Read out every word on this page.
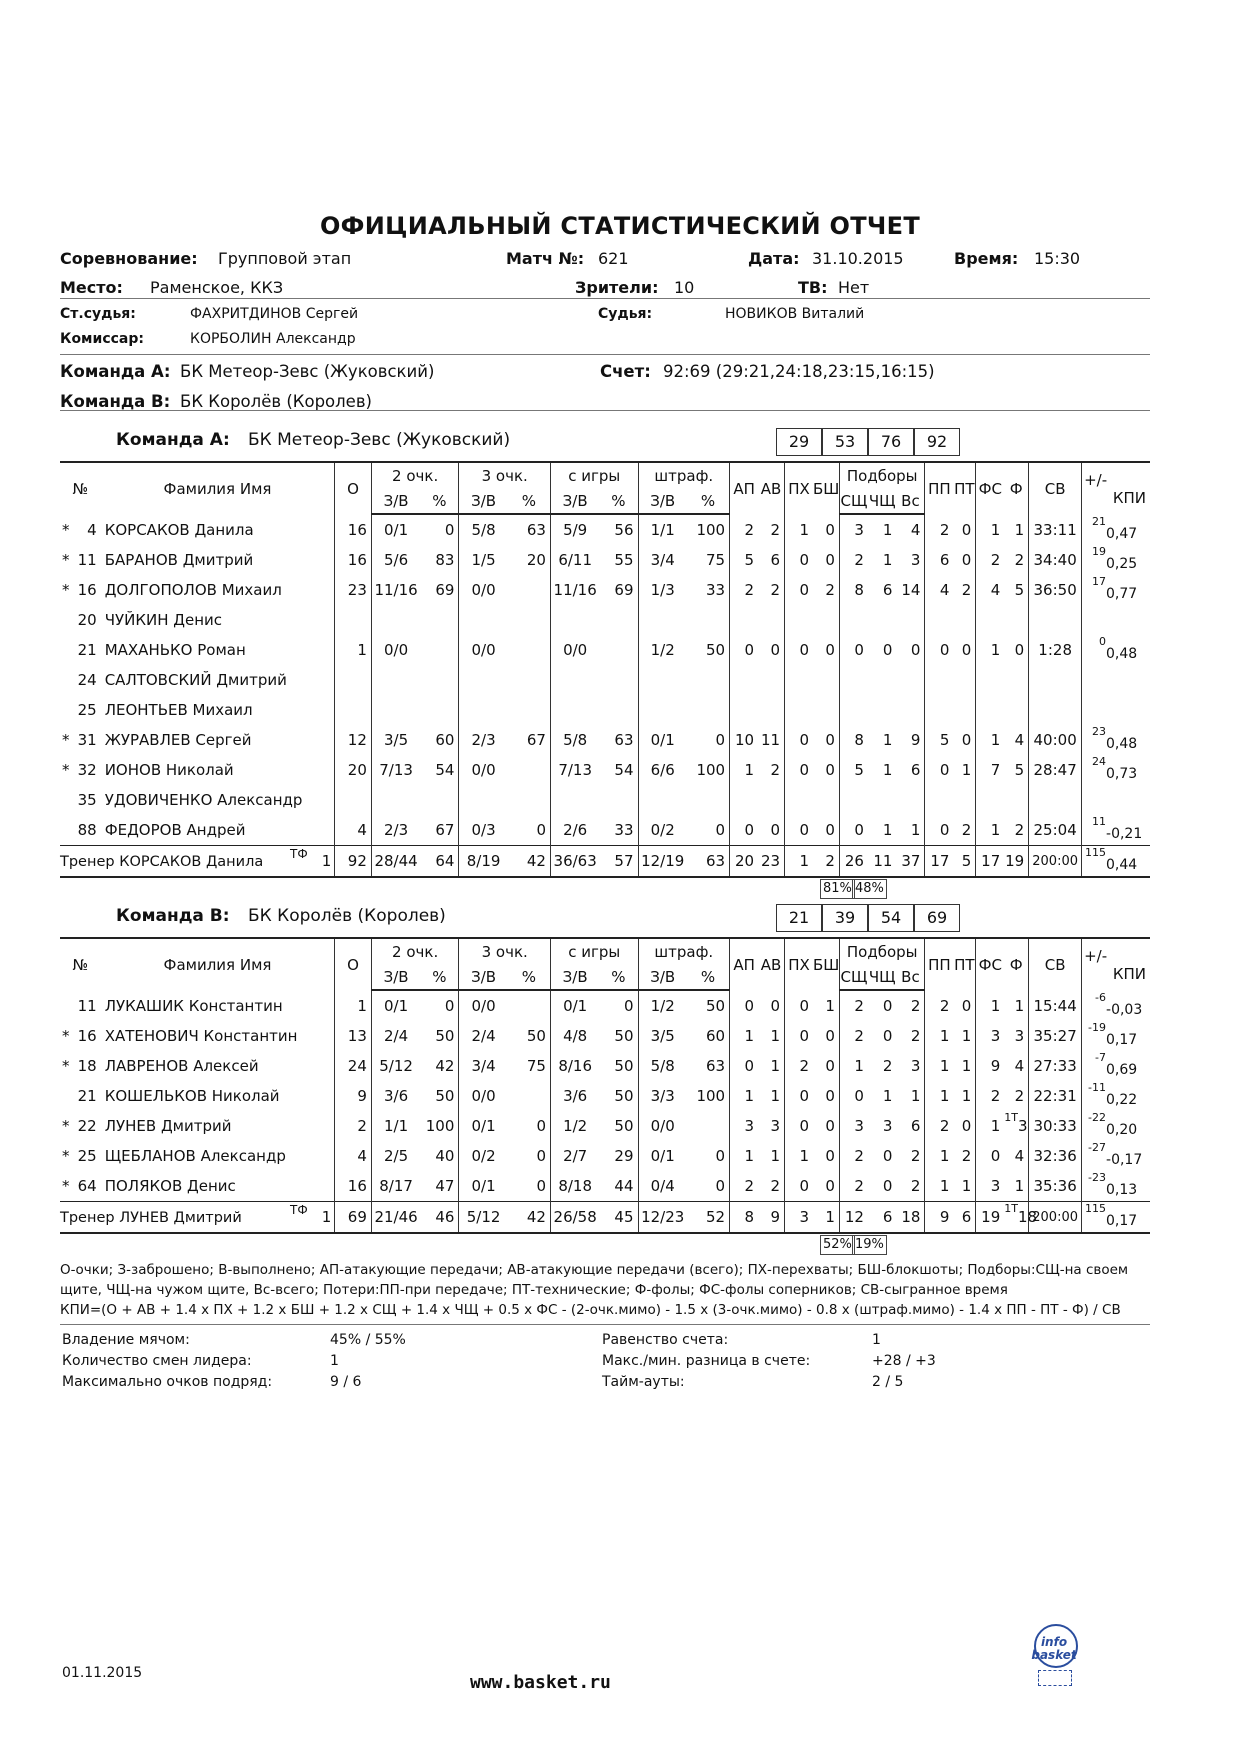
ОФИЦИАЛЬНЫЙ СТАТИСТИЧЕСКИЙ ОТЧЕТ
Соревнование: Групповой этап	Матч №: 621	Дата: 31.10.2015	Время: 15:30
Место: Раменское, ККЗ	Зрители: 10	ТВ: Нет
Ст.судья:	ФАХРИТДИНОВ Сергей	Судья:	НОВИКОВ Виталий
Комиссар:	КОРБОЛИН Александр
Команда А: БК Метеор-Зевс (Жуковский)	Счет: 92:69 (29:21,24:18,23:15,16:15)
Команда В: БК Королёв (Королев)
Команда А: БК Метеор-Зевс (Жуковский)	29	53	76	92
№	Фамилия Имя	О	2 очк.		3 очк.		с игры		штраф.		АП	АВ	ПХ	БШ	Подборы			ПП	ПТ	ФС	Ф	СВ	+/-
КПИ	

			З/В	%	З/В	%	З/В	%	З/В	%					СЩ	ЧЩ	Вс							
* 4	КОРСАКОВ Данила	16	0/1	0	5/8	63	5/9	56	1/1	100	2	2	1	0	3	1	4	2	0	1	1	33:11	$^{21}$	0,47
* 11	БАРАНОВ Дмитрий	16	5/6	83	1/5	20	6/11	55	3/4	75	5	6	0	0	2	1	3	6	0	2	2	34:40	$^{19}$	0,25
* 16	ДОЛГОПОЛОВ Михаил	23	11/16	69	0/0		11/16	69	1/3	33	2	2	0	2	8	6	14	4	2	4	5	36:50	$^{17}$	0,77

20	ЧУЙКИН Денис																							

21	МАХАНЬКО Роман	1	0/0		0/0		0/0		1/2	50	0	0	0	0	0	0	0	0	0	1	0	1:28	$^0$	0,48

24	САЛТОВСКИЙ Дмитрий																							

25	ЛЕОНТЬЕВ Михаил																							
* 31	ЖУРАВЛЕВ Сергей	12	3/5	60	2/3	67	5/8	63	0/1	0	10	11	0	0	8	1	9	5	0	1	4	40:00	$^{23}$	0,48
* 32	ИОНОВ Николай	20	7/13	54	0/0		7/13	54	6/6	100	1	2	0	0	5	1	6	0	1	7	5	28:47	$^{24}$	0,73

35	УДОВИЧЕНКО Александр																							

88	ФЕДОРОВ Андрей	4	2/3	67	0/3	0	2/6	33	0/2	0	0	0	0	0	0	1	1	0	2	1	2	25:04	$^{11}$	-0,21
Тренер КОРСАКОВ Данила ТФ 1		92	28/44	64	8/19	42	36/63	57	12/19	63	20	23	1	2	26	11	37	17	5	17	19	200:00	$^{115}$	0,44
Команда В: БК Королёв (Королев)	21	39	54	69
№	Фамилия Имя	О	2 очк.		3 очк.		с игры		штраф.		АП	АВ	ПХ	БШ	Подборы			ПП	ПТ	ФС	Ф	СВ	+/-
КПИ	

			З/В	%	З/В	%	З/В	%	З/В	%					СЩ	ЧЩ	Вс							

11	ЛУКАШИК Константин	1	0/1	0	0/0		0/1	0	1/2	50	0	0	0	1	2	0	2	2	0	1	1	15:44	$^{-6}$	-0,03
* 16	ХАТЕНОВИЧ Константин	13	2/4	50	2/4	50	4/8	50	3/5	60	1	1	0	0	2	0	2	1	1	3	3	35:27	$^{-19}$	0,17
* 18	ЛАВРЕНОВ Алексей	24	5/12	42	3/4	75	8/16	50	5/8	63	0	1	2	0	1	2	3	1	1	9	4	27:33	$^{-7}$	0,69

21	КОШЕЛЬКОВ Николай	9	3/6	50	0/0		3/6	50	3/3	100	1	1	0	0	0	1	1	1	1	2	2	22:31	$^{-11}$	0,22
* 22	ЛУНЕВ Дмитрий	2	1/1	100	0/1	0	1/2	50	0/0		3	3	0	0	3	3	6	2	0	1	$^{1T}$3	30:33	$^{-22}$	0,20
* 25	ЩЕБЛАНОВ Александр	4	2/5	40	0/2	0	2/7	29	0/1	0	1	1	1	0	2	0	2	1	2	0	4	32:36	$^{-27}$	-0,17
* 64	ПОЛЯКОВ Денис	16	8/17	47	0/1	0	8/18	44	0/4	0	2	2	0	0	2	0	2	1	1	3	1	35:36	$^{-23}$	0,13
Тренер ЛУНЕВ Дмитрий ТФ 1		69	21/46	46	5/12	42	26/58	45	12/23	52	8	9	3	1	12	6	18	9	6	19	$^{1T}$18	200:00	$^{115}$	0,17
О-очки; З-заброшено; В-выполнено; АП-атакующие передачи; АВ-атакующие передачи (всего); ПХ-перехваты; БШ-блокшоты; Подборы:СЩ-на своем щите, ЧЩ-на чужом щите, Вс-всего; Потери:ПП-при передаче; ПТ-технические; Ф-фолы; ФС-фолы соперников; СВ-сыгранное время
КПИ=(О + АВ + 1.4 x ПХ + 1.2 x БШ + 1.2 x СЩ + 1.4 x ЧЩ + 0.5 x ФС - (2-очк.мимо) - 1.5 x (3-очк.мимо) - 0.8 x (штраф.мимо) - 1.4 x ПП - ПТ - Ф) / СВ
Владение мячом:	45% / 55%
Количество смен лидера:	1
Максимально очков подряд:	9 / 6
Равенство счета:	1
Макс./мин. разница в счете:	+28 / +3
Тайм-ауты:	2 / 5
01.11.2015	www.basket.ru
info basket
81% 48%
52% 19%
